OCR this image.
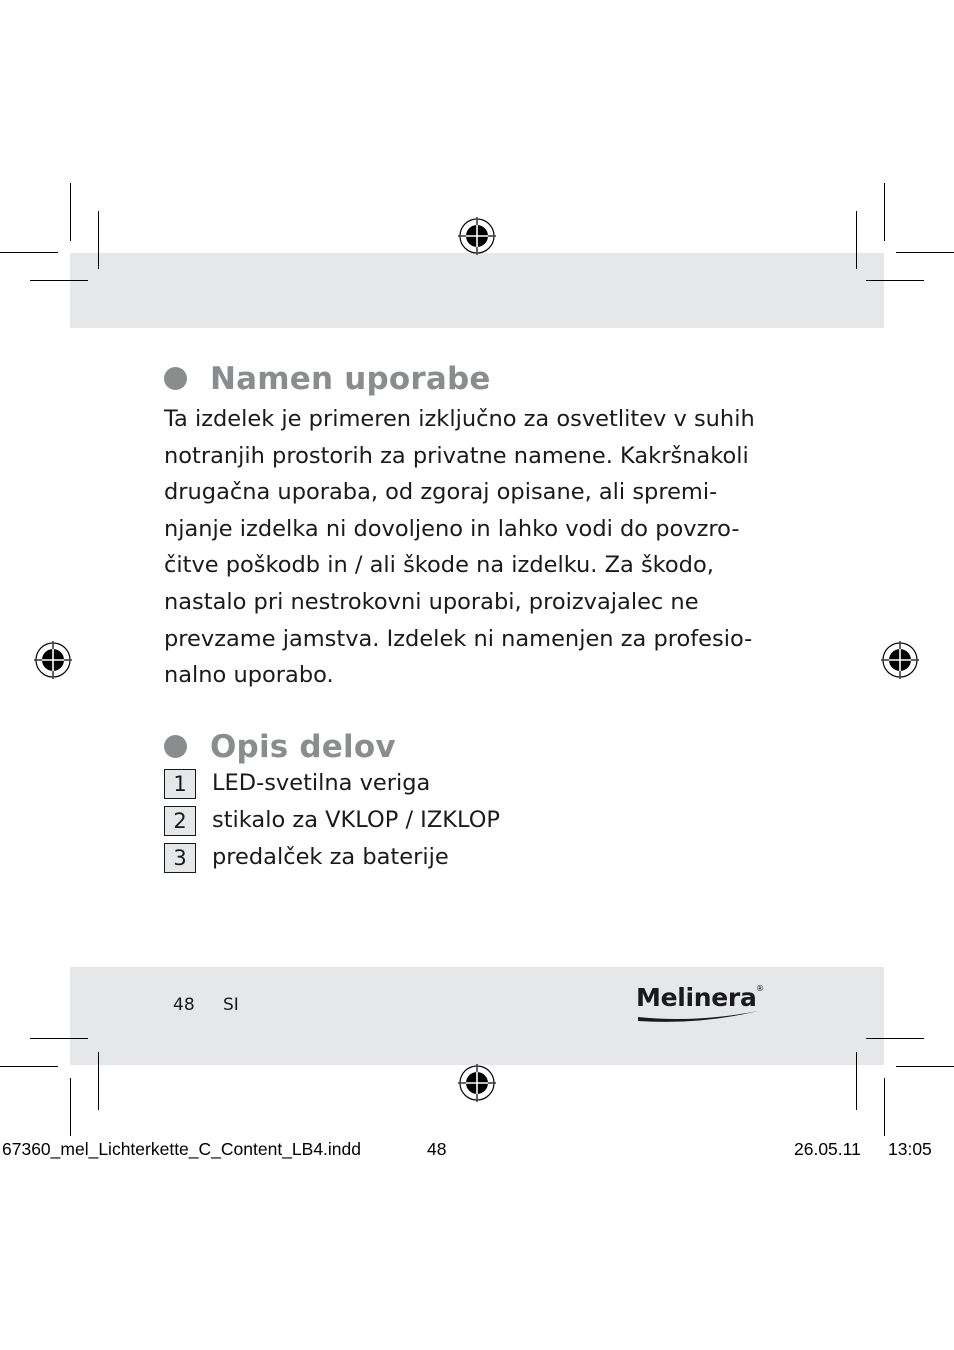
Namen uporabe

Ta izdelek je primeren izključno za osvetlitev v suhih
notranjih prostorih za privatne namene. Kakršnakoli
drugačna uporaba, od zgoraj opisane, ali spremi-
njanje izdelka ni dovoljeno in lahko vodi do povzro-
čitve poškodb in / ali škode na izdelku. Za škodo,
nastalo pri nestrokovni uporabi, proizvajalec ne
prevzame jamstva. Izdelek ni namenjen za profesio-
nalno uporabo.

Opis delov
1	LED-svetilna veriga
2	stikalo za VKLOP / IZKLOP
3	predalček za baterije
48 SI	Melinera ®
67360_mel_Lichterkette_C_Content_LB4.indd	48	26.05.11 13:05
